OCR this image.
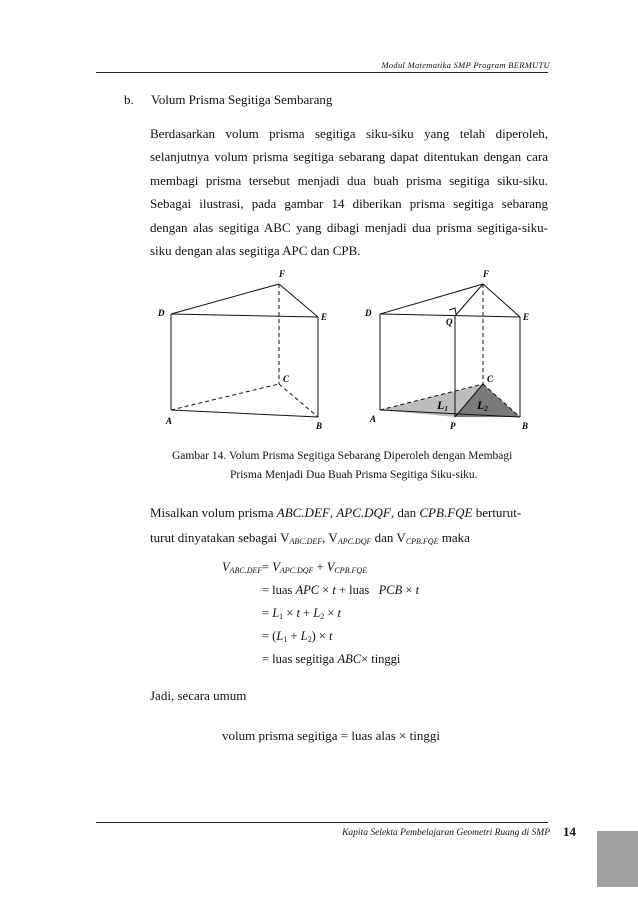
Modul Matematika SMP Program BERMUTU
b. Volum Prisma Segitiga Sembarang
Berdasarkan volum prisma segitiga siku-siku yang telah diperoleh,
selanjutnya volum prisma segitiga sebarang dapat ditentukan dengan cara
membagi prisma tersebut menjadi dua buah prisma segitiga siku-siku.
Sebagai ilustrasi, pada gambar 14 diberikan prisma segitiga sebarang
dengan alas segitiga ABC yang dibagi menjadi dua prisma segitiga-siku-
siku dengan alas segitiga APC dan CPB.
F
D	E
C
A	B
F
D	E
Q
C
A
B
P
L1 L2
Gambar 14. Volum Prisma Segitiga Sebarang Diperoleh dengan Membagi
Prisma Menjadi Dua Buah Prisma Segitiga Siku-siku.
Misalkan volum prisma ABC.DEF, APC.DQF, dan CPB.FQE berturut-
turut dinyatakan sebagai $V_{ABC.DEF}$, $V_{APC.DQF}$ dan $V_{CPB.FQE}$ maka
$V_{ABC.DEF} = V_{APC.DQF} + V_{CPB.FQE}$
= luas APC × t + luas   PCB × t
= $L_1 \times t + L_2 \times t$
= $(L_1 + L_2) \times t$
= luas segitiga ABC× tinggi
Jadi, secara umum
volum prisma segitiga = luas alas × tinggi
Kapita Selekta Pembelajaran Geometri Ruang di SMP 14
